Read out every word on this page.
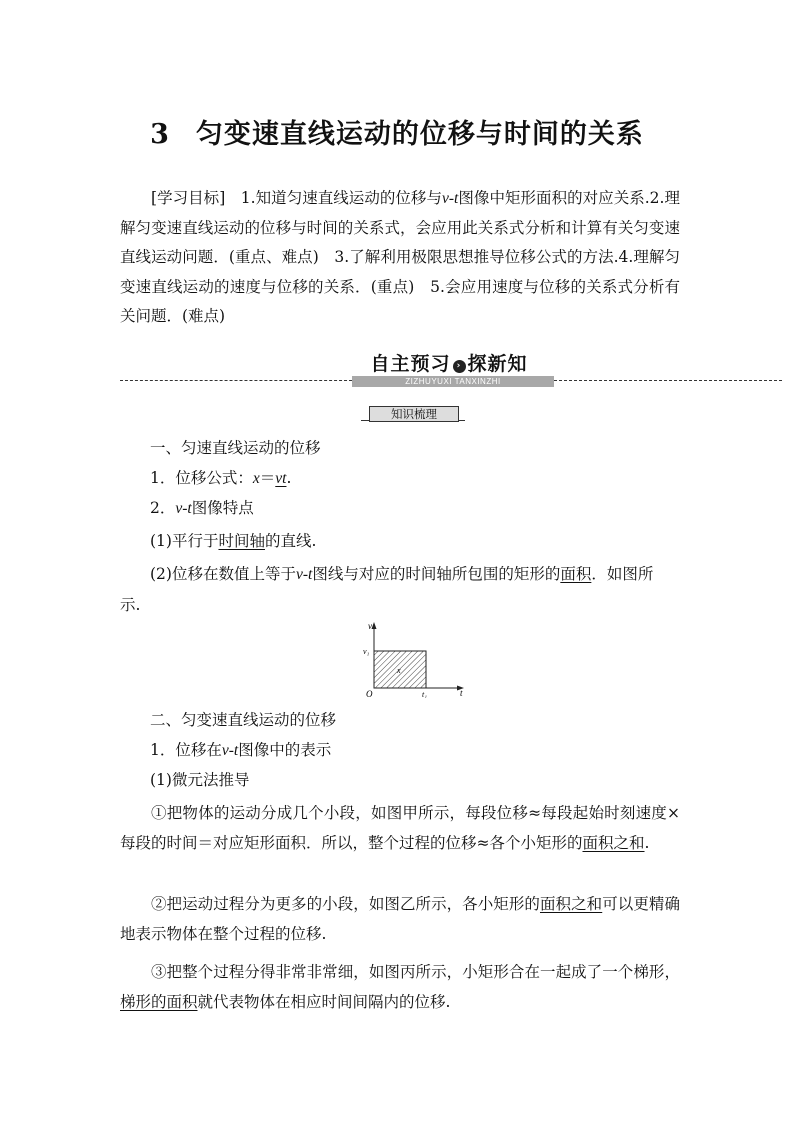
3 匀变速直线运动的位移与时间的关系
[学习目标]　1.知道匀速直线运动的位移与v-t图像中矩形面积的对应关系.2.理解匀变速直线运动的位移与时间的关系式，会应用此关系式分析和计算有关匀变速直线运动问题．(重点、难点)　3.了解利用极限思想推导位移公式的方法.4.理解匀变速直线运动的速度与位移的关系．(重点)　5.会应用速度与位移的关系式分析有关问题．(难点)
自主预习 › 探新知
ZIZHUYUXI TANXINZHI
知识梳理
一、匀速直线运动的位移
1．位移公式：x＝vt.
2．v-t图像特点
(1)平行于时间轴的直线.
(2)位移在数值上等于v-t图线与对应的时间轴所包围的矩形的面积．如图所
示.
v
v₁
t
t₁
O
x
二、匀变速直线运动的位移
1．位移在v-t图像中的表示
(1)微元法推导
①把物体的运动分成几个小段，如图甲所示，每段位移≈每段起始时刻速度×每段的时间＝对应矩形面积．所以，整个过程的位移≈各个小矩形的面积之和.
②把运动过程分为更多的小段，如图乙所示，各小矩形的面积之和可以更精确地表示物体在整个过程的位移.
③把整个过程分得非常非常细，如图丙所示，小矩形合在一起成了一个梯形，梯形的面积就代表物体在相应时间间隔内的位移.
